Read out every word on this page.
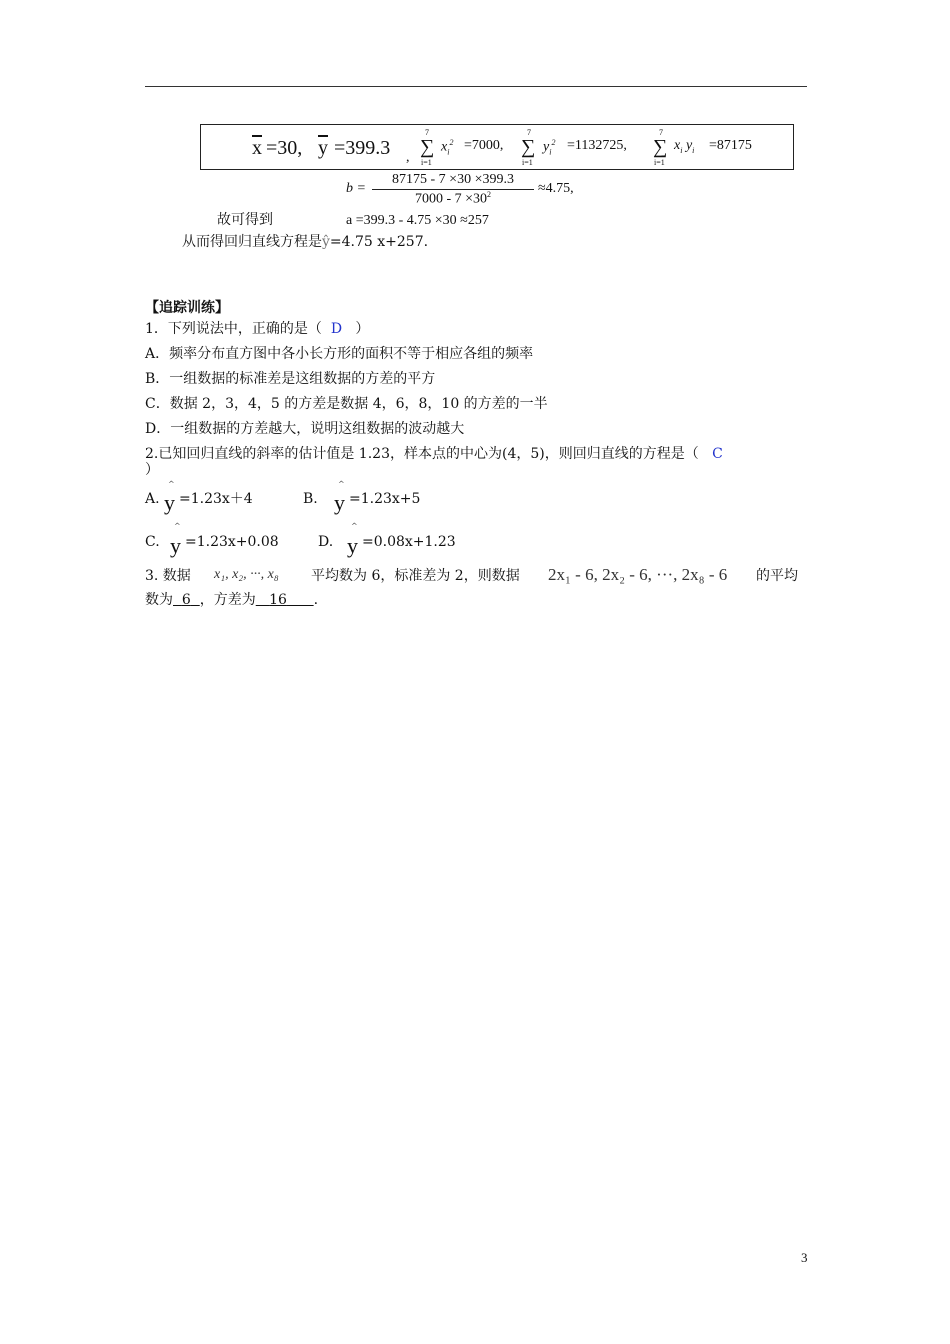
$\overline{x} =30$, $\overline{y} =399.3$ ,
7
∑
i=1
$x_i^2 =7000$,
7
∑
i=1
$y_i^2 =1132725$,
7
∑
i=1
$x_i$ $y_i =87175$
$b = \frac{87175 - 7 \times 30 \times 399.3}{7000 - 7 \times 30^2} \approx 4.75$,
故可得到	a =399.3 - 4.75 ×30 ≈257
从而得回归直线方程是ŷ=4.75 x+257.
【追踪训练】
1．下列说法中，正确的是（ D ）
A．频率分布直方图中各小长方形的面积不等于相应各组的频率
B．一组数据的标准差是这组数据的方差的平方
C．数据 2，3，4，5 的方差是数据 4，6，8，10 的方差的一半
D．一组数据的方差越大，说明这组数据的波动越大
2.已知回归直线的斜率的估计值是 1.23，样本点的中心为(4，5)，则回归直线的方程是（ C
）
A.
^
y =1.23x＋4	B.
^
y =1.23x+5
C.
^
y =1.23x+0.08	D.
^
y =0.08x+1.23
3. 数据 x₁, x₂, ···, x₈ 平均数为 6，标准差为 2，则数据 2x₁ - 6, 2x₂ - 6, ···, 2x₈ - 6 的平均
数为 6 ，方差为 16 .
3
